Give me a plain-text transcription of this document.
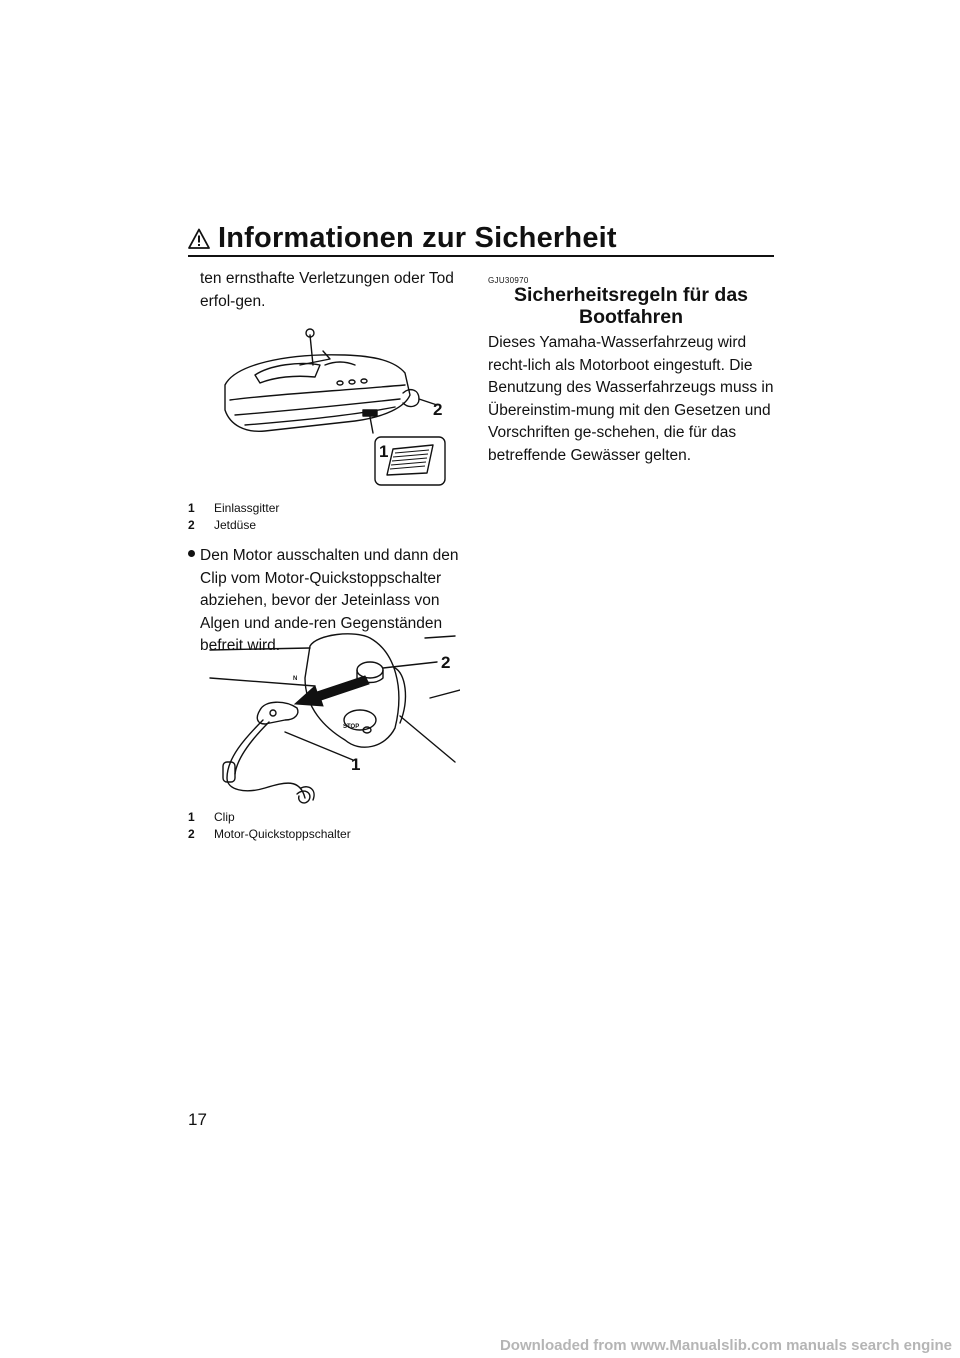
Informationen zur Sicherheit

ten ernsthafte Verletzungen oder Tod erfol-gen.

2
1
1 Einlassgitter
2 Jetdüse

Den Motor ausschalten und dann den Clip vom Motor-Quickstoppschalter abziehen, bevor der Jeteinlass von Algen und ande-ren Gegenständen befreit wird.

STOP
N
2
1
1 Clip
2 Motor-Quickstoppschalter
GJU30970
Sicherheitsregeln für das
Bootfahren

Dieses Yamaha-Wasserfahrzeug wird recht-lich als Motorboot eingestuft. Die Benutzung des Wasserfahrzeugs muss in Übereinstim-mung mit den Gesetzen und Vorschriften ge-schehen, die für das betreffende Gewässer gelten.

17
Downloaded from www.Manualslib.com manuals search engine
